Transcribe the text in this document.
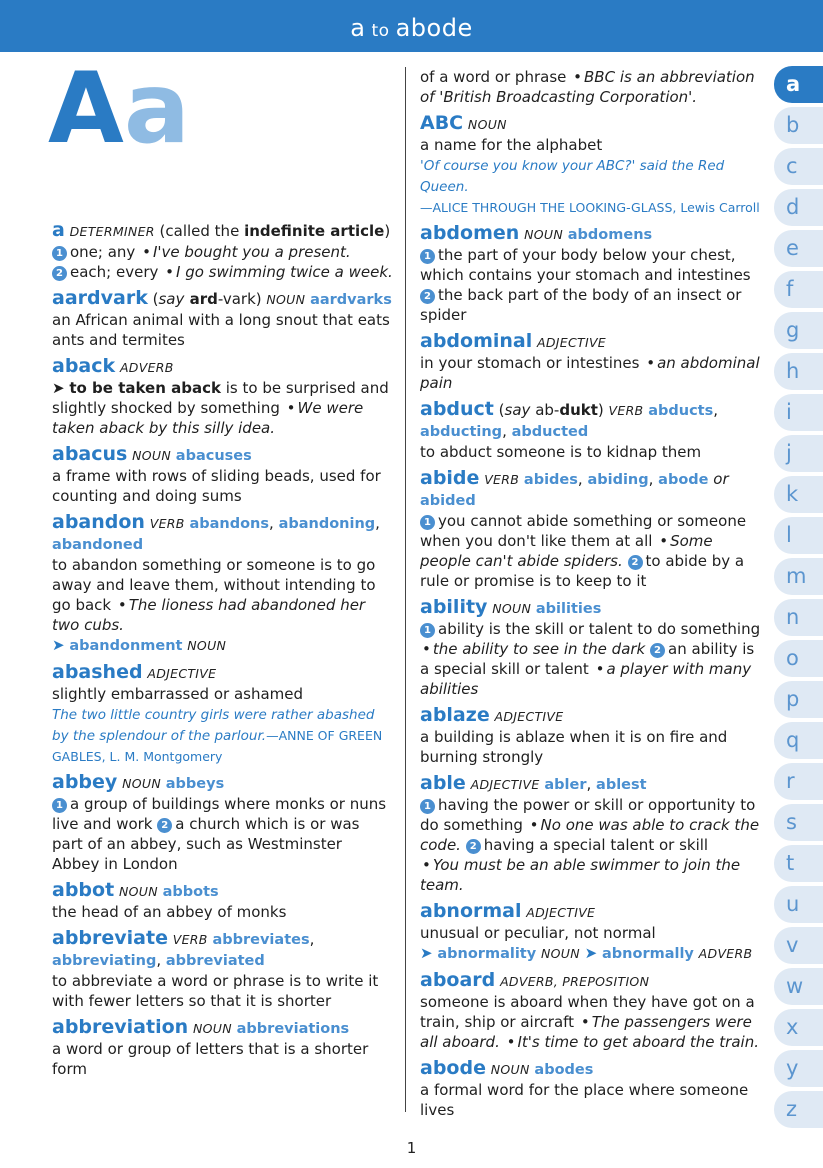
a to abode
Aa
a DETERMINER (called the indefinite article)
1 one; any • I've bought you a present.
2 each; every • I go swimming twice a week.
aardvark (say ard-vark) NOUN aardvarks
an African animal with a long snout that eats ants and termites
aback ADVERB
➤ to be taken aback is to be surprised and slightly shocked by something • We were taken aback by this silly idea.
abacus NOUN abacuses
a frame with rows of sliding beads, used for counting and doing sums
abandon VERB abandons, abandoning, abandoned
to abandon something or someone is to go away and leave them, without intending to go back • The lioness had abandoned her two cubs.
➤ abandonment NOUN
abashed ADJECTIVE
slightly embarrassed or ashamed
The two little country girls were rather abashed by the splendour of the parlour.—ANNE OF GREEN GABLES, L. M. Montgomery
abbey NOUN abbeys
1 a group of buildings where monks or nuns live and work 2 a church which is or was part of an abbey, such as Westminster Abbey in London
abbot NOUN abbots
the head of an abbey of monks
abbreviate VERB abbreviates, abbreviating, abbreviated
to abbreviate a word or phrase is to write it with fewer letters so that it is shorter
abbreviation NOUN abbreviations
a word or group of letters that is a shorter form
of a word or phrase • BBC is an abbreviation of 'British Broadcasting Corporation'.
ABC NOUN
a name for the alphabet
'Of course you know your ABC?' said the Red Queen.
—ALICE THROUGH THE LOOKING-GLASS, Lewis Carroll
abdomen NOUN abdomens
1 the part of your body below your chest, which contains your stomach and intestines
2 the back part of the body of an insect or spider
abdominal ADJECTIVE
in your stomach or intestines • an abdominal pain
abduct (say ab-dukt) VERB abducts, abducting, abducted
to abduct someone is to kidnap them
abide VERB abides, abiding, abode or abided
1 you cannot abide something or someone when you don't like them at all • Some people can't abide spiders. 2 to abide by a rule or promise is to keep to it
ability NOUN abilities
1 ability is the skill or talent to do something • the ability to see in the dark 2 an ability is a special skill or talent • a player with many abilities
ablaze ADJECTIVE
a building is ablaze when it is on fire and burning strongly
able ADJECTIVE abler, ablest
1 having the power or skill or opportunity to do something • No one was able to crack the code. 2 having a special talent or skill
• You must be an able swimmer to join the team.
abnormal ADJECTIVE
unusual or peculiar, not normal
➤ abnormality NOUN ➤ abnormally ADVERB
aboard ADVERB, PREPOSITION
someone is aboard when they have got on a train, ship or aircraft • The passengers were all aboard. • It's time to get aboard the train.
abode NOUN abodes
a formal word for the place where someone lives
a
b
c
d
e
f
g
h
i
j
k
l
m
n
o
p
q
r
s
t
u
v
w
x
y
z
1
